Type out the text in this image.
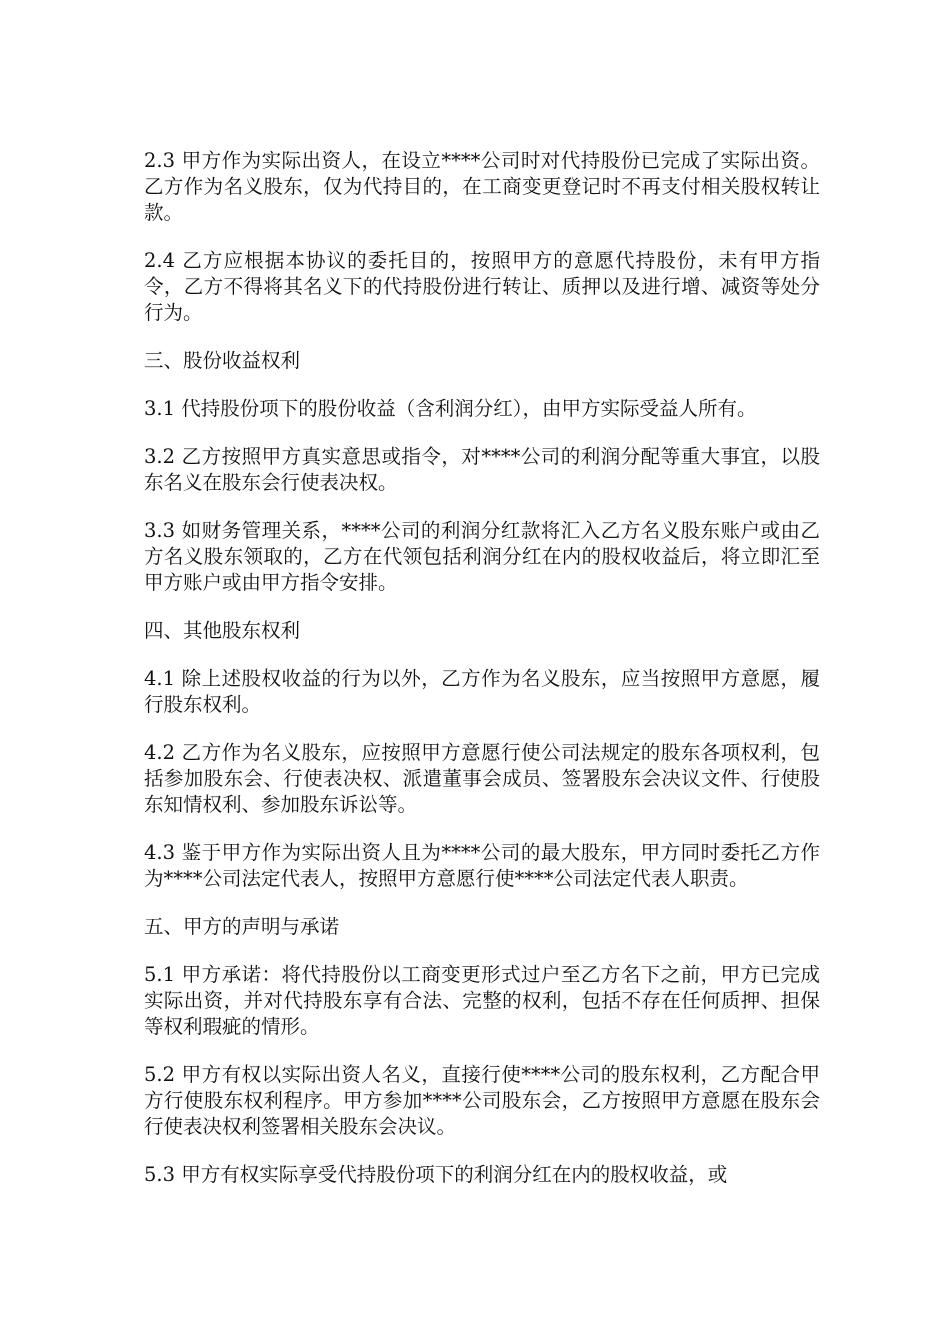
2.3 甲方作为实际出资人，在设立****公司时对代持股份已完成了实际出资。乙方作为名义股东，仅为代持目的，在工商变更登记时不再支付相关股权转让款。

2.4 乙方应根据本协议的委托目的，按照甲方的意愿代持股份，未有甲方指令，乙方不得将其名义下的代持股份进行转让、质押以及进行增、减资等处分行为。

三、股份收益权利

3.1 代持股份项下的股份收益（含利润分红），由甲方实际受益人所有。

3.2 乙方按照甲方真实意思或指令，对****公司的利润分配等重大事宜，以股东名义在股东会行使表决权。

3.3 如财务管理关系，****公司的利润分红款将汇入乙方名义股东账户或由乙方名义股东领取的，乙方在代领包括利润分红在内的股权收益后，将立即汇至甲方账户或由甲方指令安排。

四、其他股东权利

4.1 除上述股权收益的行为以外，乙方作为名义股东，应当按照甲方意愿，履行股东权利。

4.2 乙方作为名义股东，应按照甲方意愿行使公司法规定的股东各项权利，包括参加股东会、行使表决权、派遣董事会成员、签署股东会决议文件、行使股东知情权利、参加股东诉讼等。

4.3 鉴于甲方作为实际出资人且为****公司的最大股东，甲方同时委托乙方作为****公司法定代表人，按照甲方意愿行使****公司法定代表人职责。

五、甲方的声明与承诺

5.1 甲方承诺：将代持股份以工商变更形式过户至乙方名下之前，甲方已完成实际出资，并对代持股东享有合法、完整的权利，包括不存在任何质押、担保等权利瑕疵的情形。

5.2 甲方有权以实际出资人名义，直接行使****公司的股东权利，乙方配合甲方行使股东权利程序。甲方参加****公司股东会，乙方按照甲方意愿在股东会行使表决权利签署相关股东会决议。

5.3 甲方有权实际享受代持股份项下的利润分红在内的股权收益，或
